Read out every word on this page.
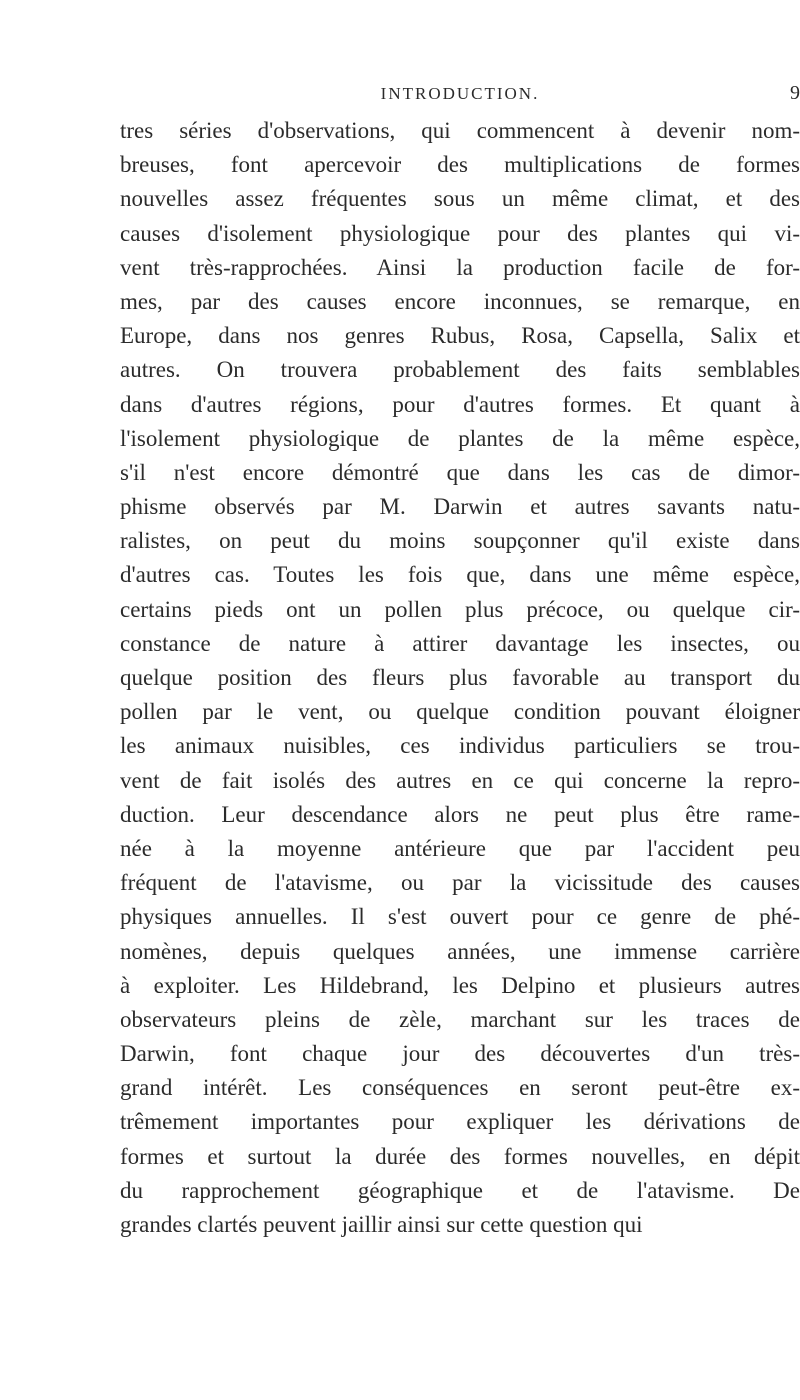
INTRODUCTION.	9
tres séries d'observations, qui commencent à devenir nom-
breuses, font apercevoir des multiplications de formes
nouvelles assez fréquentes sous un même climat, et des
causes d'isolement physiologique pour des plantes qui vi-
vent très-rapprochées. Ainsi la production facile de for-
mes, par des causes encore inconnues, se remarque, en
Europe, dans nos genres Rubus, Rosa, Capsella, Salix et
autres. On trouvera probablement des faits semblables
dans d'autres régions, pour d'autres formes. Et quant à
l'isolement physiologique de plantes de la même espèce,
s'il n'est encore démontré que dans les cas de dimor-
phisme observés par M. Darwin et autres savants natu-
ralistes, on peut du moins soupçonner qu'il existe dans
d'autres cas. Toutes les fois que, dans une même espèce,
certains pieds ont un pollen plus précoce, ou quelque cir-
constance de nature à attirer davantage les insectes, ou
quelque position des fleurs plus favorable au transport du
pollen par le vent, ou quelque condition pouvant éloigner
les animaux nuisibles, ces individus particuliers se trou-
vent de fait isolés des autres en ce qui concerne la repro-
duction. Leur descendance alors ne peut plus être rame-
née à la moyenne antérieure que par l'accident peu
fréquent de l'atavisme, ou par la vicissitude des causes
physiques annuelles. Il s'est ouvert pour ce genre de phé-
nomènes, depuis quelques années, une immense carrière
à exploiter. Les Hildebrand, les Delpino et plusieurs autres
observateurs pleins de zèle, marchant sur les traces de
Darwin, font chaque jour des découvertes d'un très-
grand intérêt. Les conséquences en seront peut-être ex-
trêmement importantes pour expliquer les dérivations de
formes et surtout la durée des formes nouvelles, en dépit
du rapprochement géographique et de l'atavisme. De
grandes clartés peuvent jaillir ainsi sur cette question qui
